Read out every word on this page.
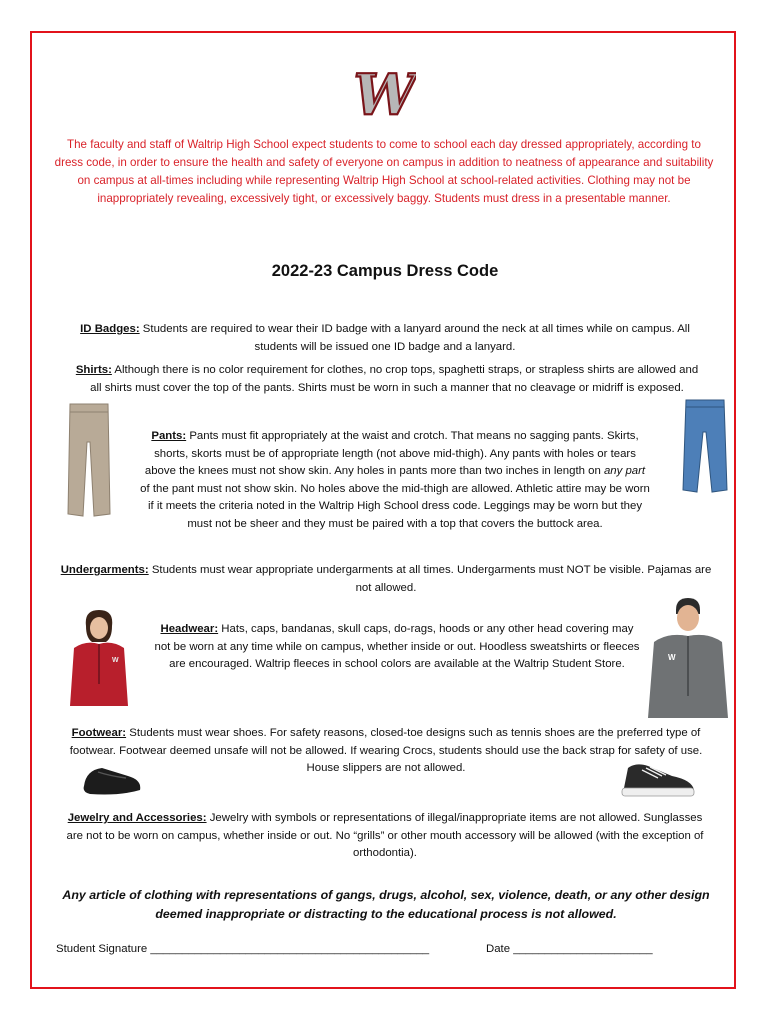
W
The faculty and staff of Waltrip High School expect students to come to school each day dressed appropriately, according to dress code, in order to ensure the health and safety of everyone on campus in addition to neatness of appearance and suitability on campus at all-times including while representing Waltrip High School at school-related activities. Clothing may not be inappropriately revealing, excessively tight, or excessively baggy. Students must dress in a presentable manner.
2022-23 Campus Dress Code
ID Badges: Students are required to wear their ID badge with a lanyard around the neck at all times while on campus. All students will be issued one ID badge and a lanyard.
Shirts: Although there is no color requirement for clothes, no crop tops, spaghetti straps, or strapless shirts are allowed and all shirts must cover the top of the pants. Shirts must be worn in such a manner that no cleavage or midriff is exposed.
Pants: Pants must fit appropriately at the waist and crotch. That means no sagging pants. Skirts, shorts, skorts must be of appropriate length (not above mid-thigh). Any pants with holes or tears above the knees must not show skin. Any holes in pants more than two inches in length on any part of the pant must not show skin. No holes above the mid-thigh are allowed. Athletic attire may be worn if it meets the criteria noted in the Waltrip High School dress code. Leggings may be worn but they must not be sheer and they must be paired with a top that covers the buttock area.
Undergarments: Students must wear appropriate undergarments at all times. Undergarments must NOT be visible. Pajamas are not allowed.
W	W
Headwear: Hats, caps, bandanas, skull caps, do-rags, hoods or any other head covering may not be worn at any time while on campus, whether inside or out. Hoodless sweatshirts or fleeces are encouraged. Waltrip fleeces in school colors are available at the Waltrip Student Store.
Footwear: Students must wear shoes. For safety reasons, closed-toe designs such as tennis shoes are the preferred type of footwear. Footwear deemed unsafe will not be allowed. If wearing Crocs, students should use the back strap for safety of use. House slippers are not allowed.
Jewelry and Accessories: Jewelry with symbols or representations of illegal/inappropriate items are not allowed. Sunglasses are not to be worn on campus, whether inside or out. No “grills” or other mouth accessory will be allowed (with the exception of orthodontia).
Any article of clothing with representations of gangs, drugs, alcohol, sex, violence, death, or any other design deemed inappropriate or distracting to the educational process is not allowed.
Student Signature ____________________________________________	Date ______________________
